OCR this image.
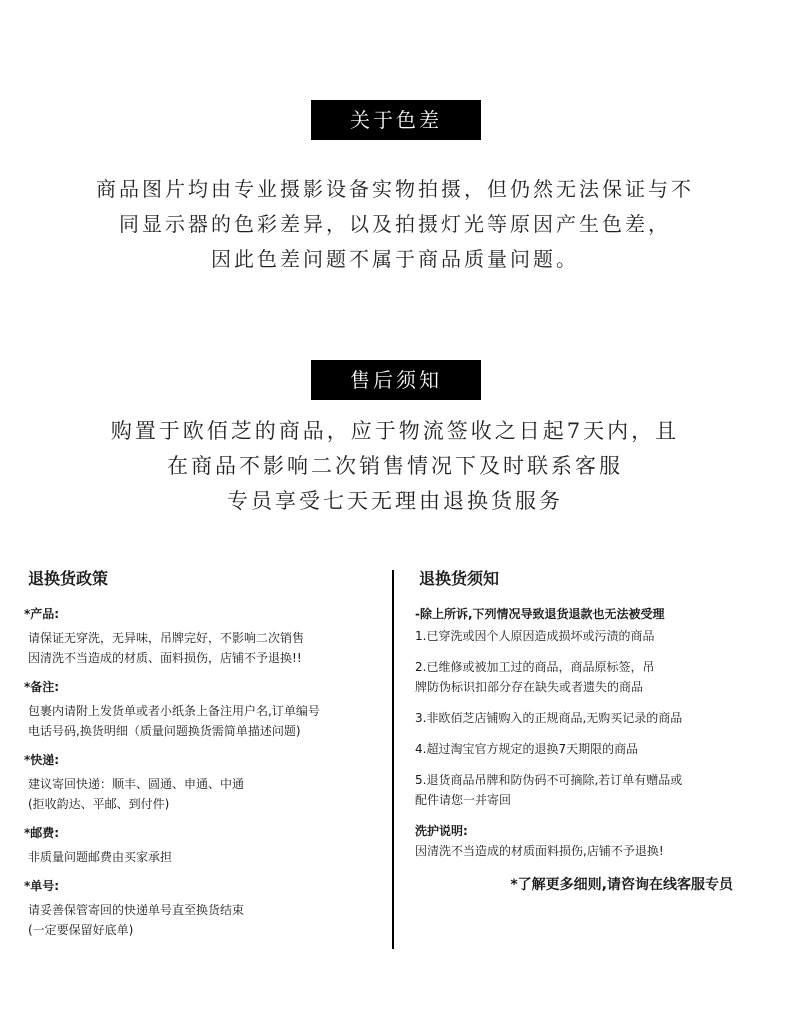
关于色差
商品图片均由专业摄影设备实物拍摄，但仍然无法保证与不
同显示器的色彩差异，以及拍摄灯光等原因产生色差，
因此色差问题不属于商品质量问题。
售后须知
购置于欧佰芝的商品，应于物流签收之日起7天内，且
在商品不影响二次销售情况下及时联系客服
专员享受七天无理由退换货服务
退换货政策
*产品:
请保证无穿洗，无异味，吊牌完好，不影响二次销售
因清洗不当造成的材质、面料损伤，店铺不予退换!!
*备注:
包裹内请附上发货单或者小纸条上备注用户名,订单编号
电话号码,换货明细（质量问题换货需简单描述问题)
*快递:
建议寄回快递：顺丰、圆通、申通、中通
(拒收韵达、平邮、到付件)
*邮费:
非质量问题邮费由买家承担
*单号:
请妥善保管寄回的快递单号直至换货结束
(一定要保留好底单)
退换货须知
-除上所诉,下列情况导致退货退款也无法被受理
1.已穿洗或因个人原因造成损坏或污渍的商品
2.已维修或被加工过的商品，商品原标签，吊
牌防伪标识扣部分存在缺失或者遗失的商品
3.非欧佰芝店铺购入的正规商品,无购买记录的商品
4.超过淘宝官方规定的退换7天期限的商品
5.退货商品吊牌和防伪码不可摘除,若订单有赠品或
配件请您一并寄回
洗护说明:
因清洗不当造成的材质面料损伤,店铺不予退换!
*了解更多细则,请咨询在线客服专员
